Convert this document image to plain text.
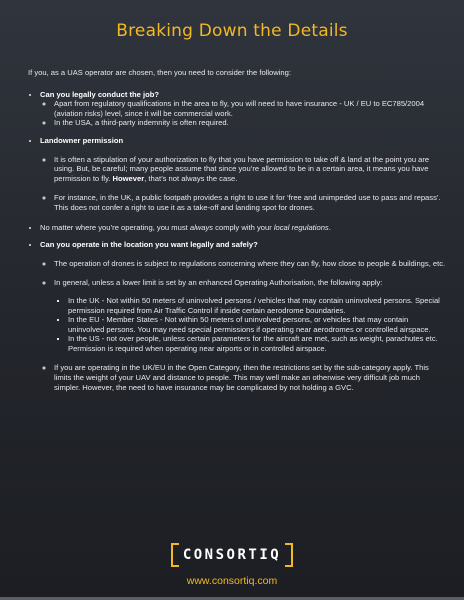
Breaking Down the Details

If you, as a UAS operator are chosen, then you need to consider the following:

• Can you legally conduct the job?
◦ Apart from regulatory qualifications in the area to fly, you will need to have insurance - UK / EU to EC785/2004 (aviation risks) level, since it will be commercial work.
◦ In the USA, a third-party indemnity is often required.
• Landowner permission
◦ It is often a stipulation of your authorization to fly that you have permission to take off & land at the point you are using. But, be careful; many people assume that since you’re allowed to be in a certain area, it means you have permission to fly. However, that’s not always the case.
◦ For instance, in the UK, a public footpath provides a right to use it for ‘free and unimpeded use to pass and repass’. This does not confer a right to use it as a take-off and landing spot for drones.
• No matter where you’re operating, you must always comply with your local regulations.
• Can you operate in the location you want legally and safely?
◦ The operation of drones is subject to regulations concerning where they can fly, how close to people & buildings, etc.
◦ In general, unless a lower limit is set by an enhanced Operating Authorisation, the following apply:
▪ In the UK - Not within 50 meters of uninvolved persons / vehicles that may contain uninvolved persons. Special permission required from Air Traffic Control if inside certain aerodrome boundaries.
▪ In the EU - Member States - Not within 50 meters of uninvolved persons, or vehicles that may contain uninvolved persons. You may need special permissions if operating near aerodromes or controlled airspace.
▪ In the US - not over people, unless certain parameters for the aircraft are met, such as weight, parachutes etc. Permission is required when operating near airports or in controlled airspace.
◦ If you are operating in the UK/EU in the Open Category, then the restrictions set by the sub-category apply. This limits the weight of your UAV and distance to people. This may well make an otherwise very difficult job much simpler. However, the need to have insurance may be complicated by not holding a GVC.
CONSORTIQ
www.consortiq.com
